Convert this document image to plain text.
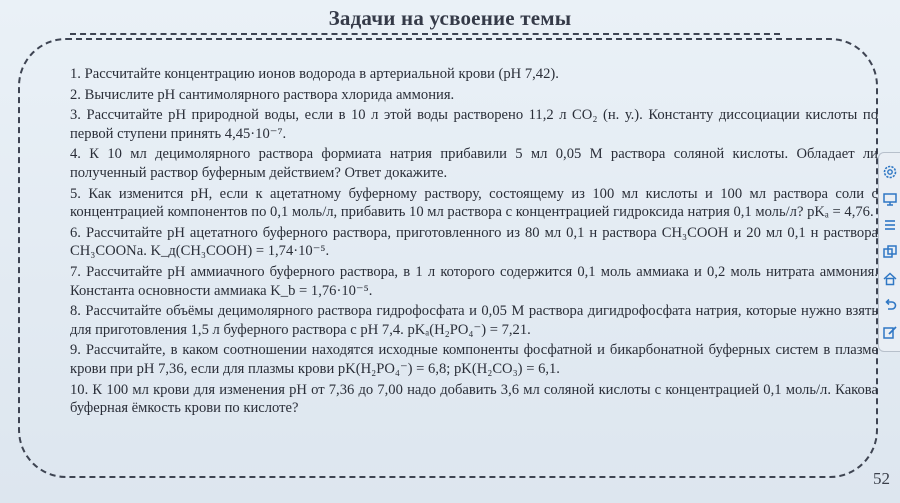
Задачи на усвоение темы

1. Рассчитайте концентрацию ионов водорода в артериальной крови (pH 7,42).

2. Вычислите pH сантимолярного раствора хлорида аммония.

3. Рассчитайте pH природной воды, если в 10 л этой воды растворено 11,2 л CO₂ (н. у.). Константу диссоциации кислоты по первой ступени принять 4,45·10⁻⁷.

4. К 10 мл децимолярного раствора формиата натрия прибавили 5 мл 0,05 М раствора соляной кислоты. Обладает ли полученный раствор буферным действием? Ответ докажите.

5. Как изменится pH, если к ацетатному буферному раствору, состоящему из 100 мл кислоты и 100 мл раствора соли с концентрацией компонентов по 0,1 моль/л, прибавить 10 мл раствора с концентрацией гидроксида натрия 0,1 моль/л? pKₐ = 4,76.

6. Рассчитайте pH ацетатного буферного раствора, приготовленного из 80 мл 0,1 н раствора CH₃COOH и 20 мл 0,1 н раствора CH₃COONa. K_д(CH₃COOH) = 1,74·10⁻⁵.

7. Рассчитайте pH аммиачного буферного раствора, в 1 л которого содержится 0,1 моль аммиака и 0,2 моль нитрата аммония. Константа основности аммиака K_b = 1,76·10⁻⁵.

8. Рассчитайте объёмы децимолярного раствора гидрофосфата и 0,05 М раствора дигидрофосфата натрия, которые нужно взять для приготовления 1,5 л буферного раствора с pH 7,4. pKₐ(H₂PO₄⁻) = 7,21.

9. Рассчитайте, в каком соотношении находятся исходные компоненты фосфатной и бикарбонатной буферных систем в плазме крови при pH 7,36, если для плазмы крови pK(H₂PO₄⁻) = 6,8; pK(H₂CO₃) = 6,1.

10. К 100 мл крови для изменения pH от 7,36 до 7,00 надо добавить 3,6 мл соляной кислоты с концентрацией 0,1 моль/л. Какова буферная ёмкость крови по кислоте?

52
